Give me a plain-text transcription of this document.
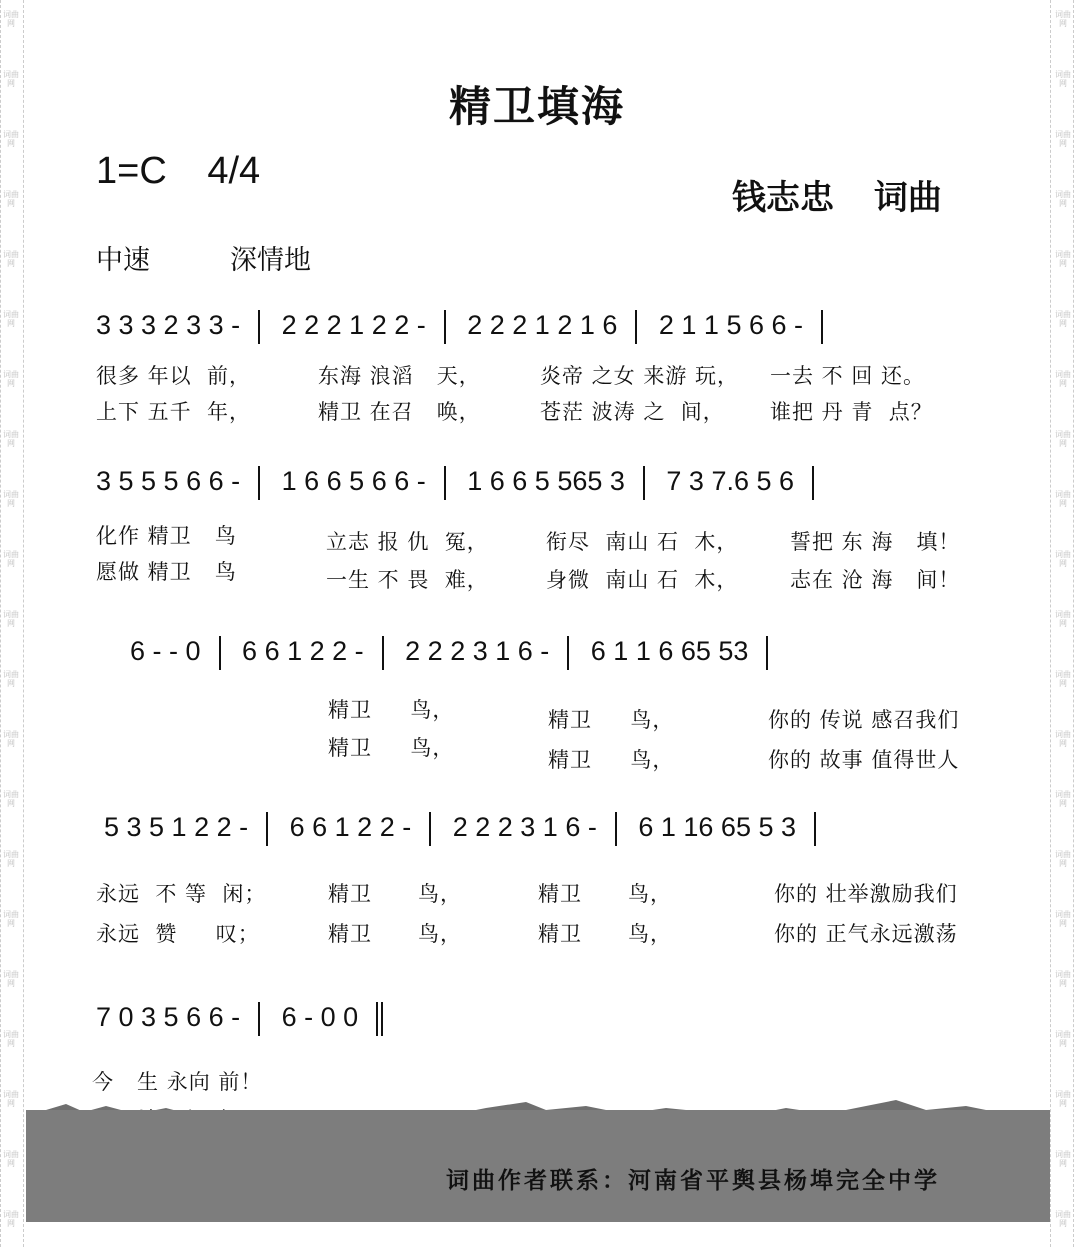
词曲网
词曲网
词曲网
词曲网
词曲网
词曲网
词曲网
词曲网
词曲网
词曲网
词曲网
词曲网
词曲网
词曲网
词曲网
词曲网
词曲网
词曲网
词曲网
词曲网
词曲网
词曲网
词曲网
词曲网
词曲网
词曲网
词曲网
词曲网
词曲网
词曲网
词曲网
词曲网
词曲网
词曲网
词曲网
词曲网
词曲网
词曲网
词曲网
词曲网
词曲网
词曲网
精卫填海
1=C 4/4
钱志忠 词曲
中速	深情地
3 3 3 2 3 3 - 2 2 2 1 2 2 - 2 2 2 1 2 1 6 2 1 1 5 6 6 -
很多 年以  前，
上下 五千  年，
东海 浪滔   天，
精卫 在召   唤，
炎帝 之女 来游 玩，
苍茫 波涛 之  间，
一去 不 回 还。
谁把 丹 青  点？
3 5 5 5 6 6 - 1 6 6 5 6 6 - 1 6 6 5 565 3 7 3 7.6 5 6
化作 精卫   鸟
愿做 精卫   鸟
立志 报 仇  冤，
一生 不 畏  难，
衔尽  南山 石  木，
身微  南山 石  木，
誓把 东 海   填！
志在 沧 海   间！
6 - - 0 6 6 1 2 2 - 2 2 2 3 1 6 - 6 1 1 6 65 53
精卫     鸟，
精卫     鸟，
精卫     鸟，
精卫     鸟，
你的 传说 感召我们
你的 故事 值得世人
5 3 5 1 2 2 - 6 6 1 2 2 - 2 2 2 3 1 6 - 6 1 16 65 5 3
永远  不 等  闲；
永远  赞     叹；
精卫      鸟，
精卫      鸟，
精卫      鸟，
精卫      鸟，
你的 壮举激励我们
你的 正气永远激荡
7 0 3 5 6 6 - 6 - 0 0
今   生 永向 前！
词曲作者联系：河南省平舆县杨埠完全中学
